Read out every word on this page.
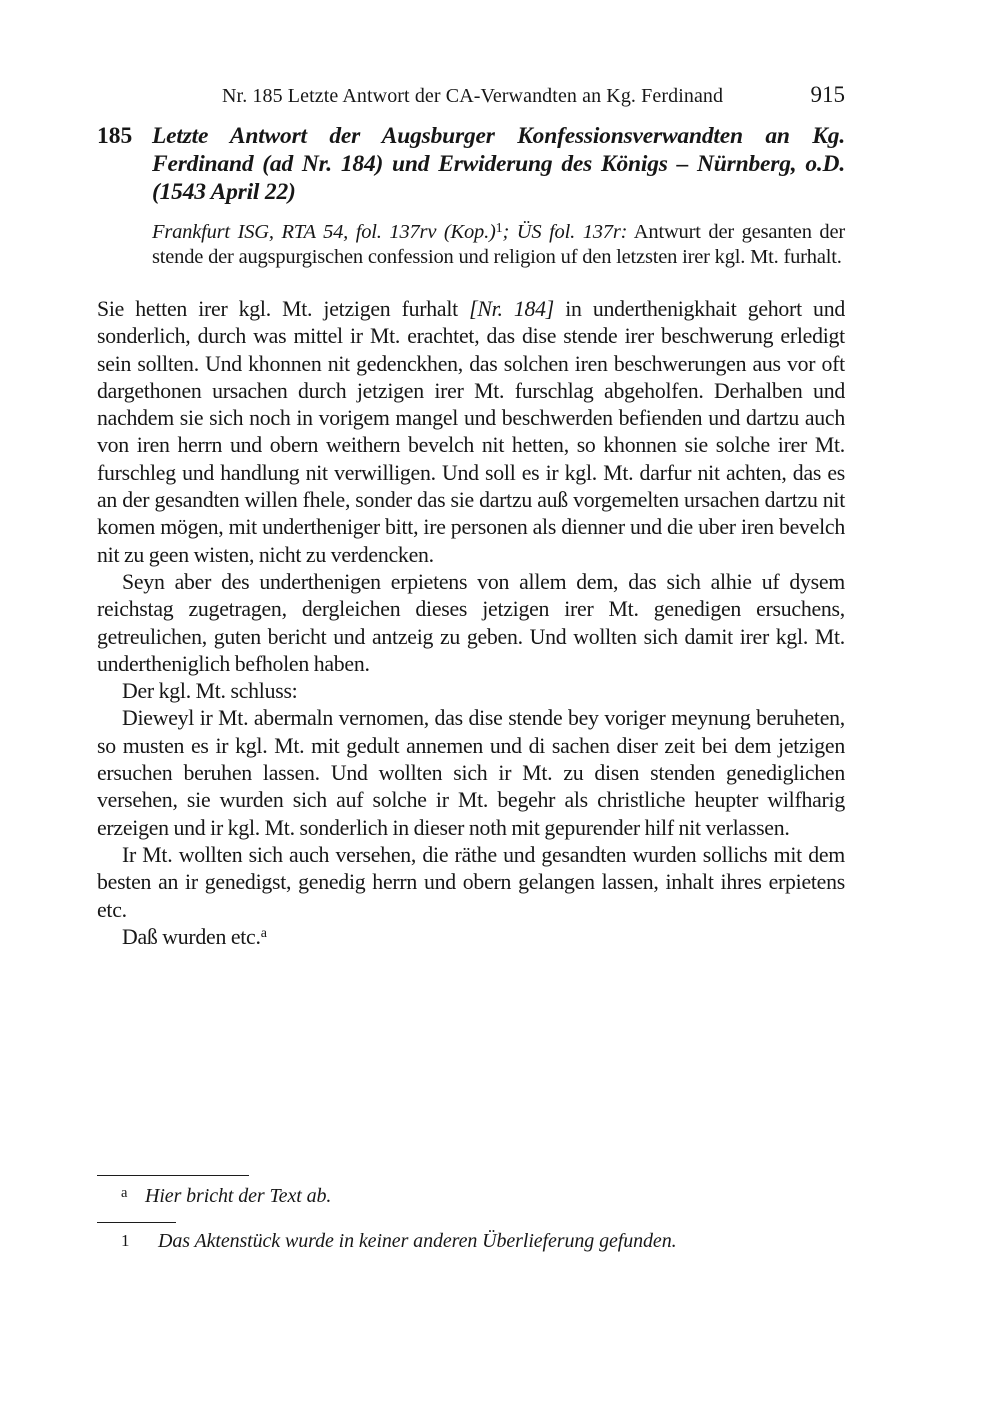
Nr. 185 Letzte Antwort der CA-Verwandten an Kg. Ferdinand	915
185 Letzte Antwort der Augsburger Konfessionsverwandten an Kg. Ferdinand (ad Nr. 184) und Erwiderung des Königs – Nürnberg, o.D. (1543 April 22)
Frankfurt ISG, RTA 54, fol. 137rv $(Kop.)^1$; ÜS fol. 137r: Antwurt der gesanten der stende der augspurgischen confession und religion uf den letzsten irer kgl. Mt. furhalt.

Sie hetten irer kgl. Mt. jetzigen furhalt [Nr. 184] in underthenigkhait gehort und sonderlich, durch was mittel ir Mt. erachtet, das dise stende irer beschwerung erledigt sein sollten. Und khonnen nit gedenckhen, das solchen iren beschwerungen aus vor oft dargethonen ursachen durch jetzigen irer Mt. furschlag abgeholfen. Derhalben und nachdem sie sich noch in vorigem mangel und beschwerden befienden und dartzu auch von iren herrn und obern weithern bevelch nit hetten, so khonnen sie solche irer Mt. furschleg und handlung nit verwilligen. Und soll es ir kgl. Mt. darfur nit achten, das es an der gesandten willen fhele, sonder das sie dartzu auß vorgemelten ursachen dartzu nit komen mögen, mit undertheniger bitt, ire personen als dienner und die uber iren bevelch nit zu geen wisten, nicht zu verdencken.

Seyn aber des underthenigen erpietens von allem dem, das sich alhie uf dysem reichstag zugetragen, dergleichen dieses jetzigen irer Mt. genedigen ersuchens, getreulichen, guten bericht und antzeig zu geben. Und wollten sich damit irer kgl. Mt. undertheniglich befholen haben.

Der kgl. Mt. schluss:

Dieweyl ir Mt. abermaln vernomen, das dise stende bey voriger meynung beruheten, so musten es ir kgl. Mt. mit gedult annemen und di sachen diser zeit bei dem jetzigen ersuchen beruhen lassen. Und wollten sich ir Mt. zu disen stenden genediglichen versehen, sie wurden sich auf solche ir Mt. begehr als christliche heupter wilfharig erzeigen und ir kgl. Mt. sonderlich in dieser noth mit gepurender hilf nit verlassen.

Ir Mt. wollten sich auch versehen, die räthe und gesandten wurden sollichs mit dem besten an ir genedigst, genedig herrn und obern gelangen lassen, inhalt ihres erpietens etc.

Daß wurden etc.$^a$

a Hier bricht der Text ab.
1 Das Aktenstück wurde in keiner anderen Überlieferung gefunden.
